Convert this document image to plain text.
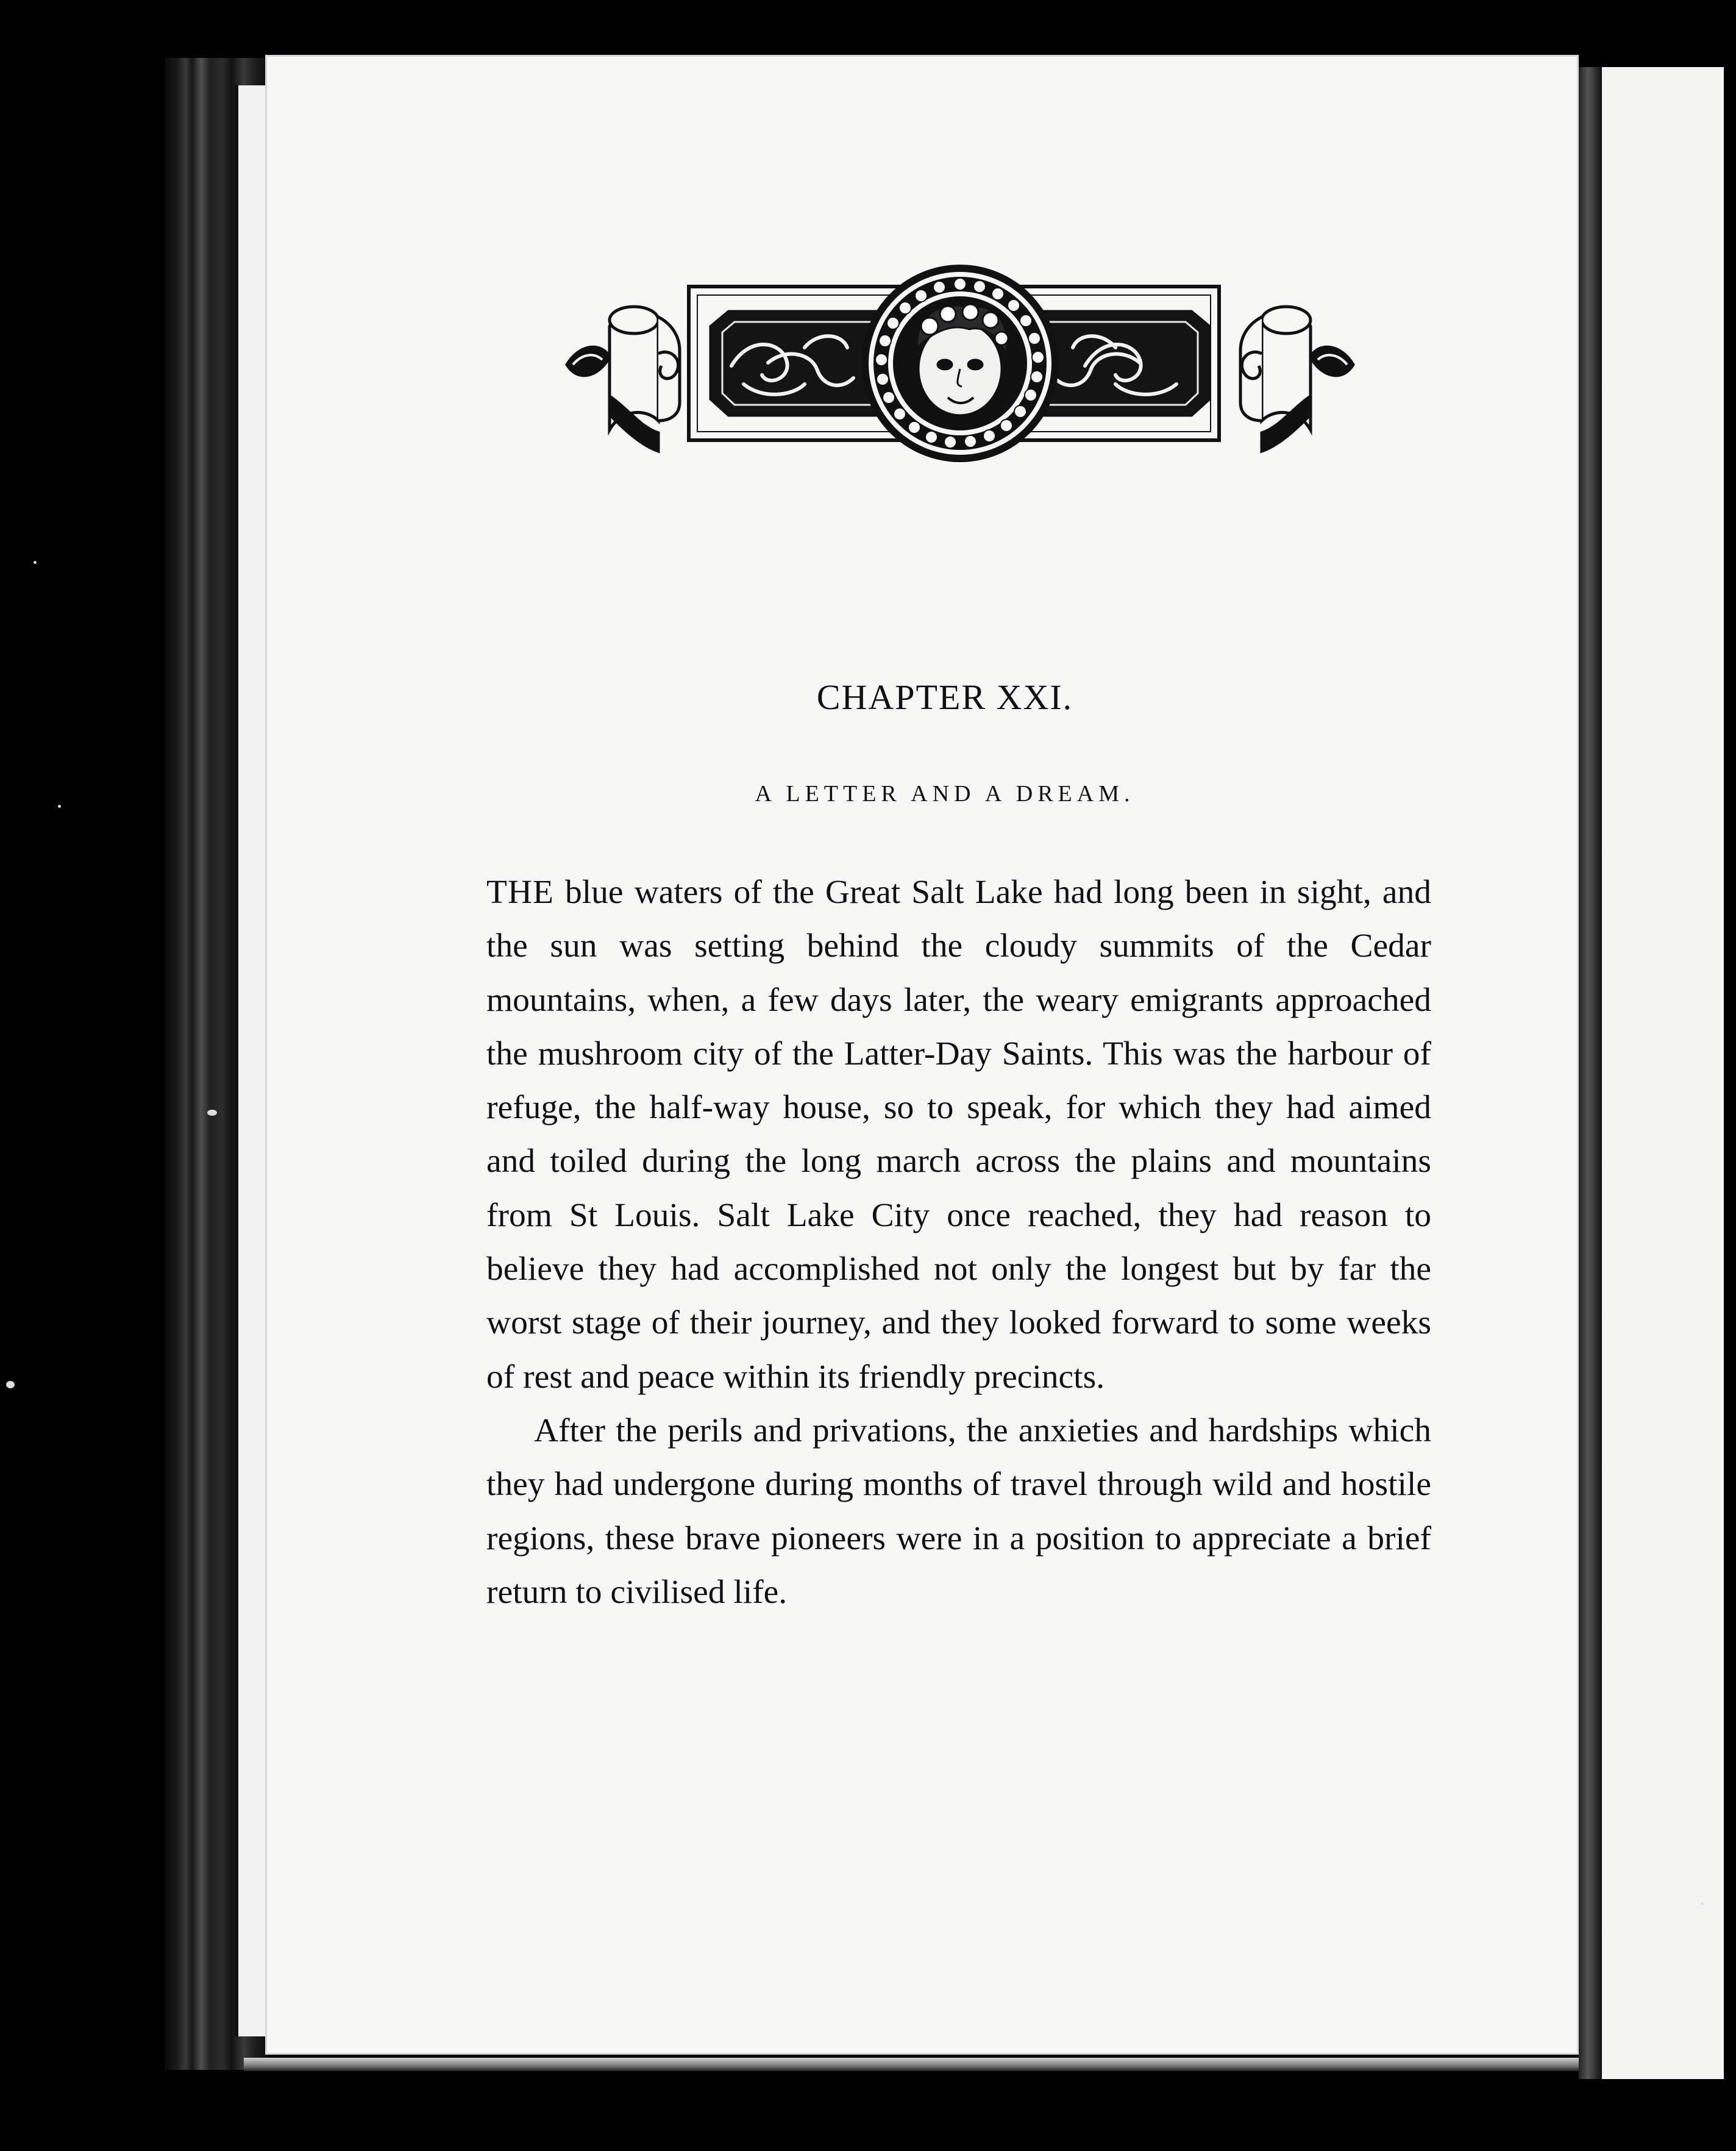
CHAPTER XXI.
A LETTER AND A DREAM.

THE blue waters of the Great Salt Lake had long been in sight, and the sun was setting behind the cloudy summits of the Cedar mountains, when, a few days later, the weary emigrants approached the mushroom city of the Latter-Day Saints. This was the harbour of refuge, the half-way house, so to speak, for which they had aimed and toiled during the long march across the plains and mountains from St Louis. Salt Lake City once reached, they had reason to believe they had accomplished not only the longest but by far the worst stage of their journey, and they looked forward to some weeks of rest and peace within its friendly precincts.

After the perils and privations, the anxieties and hardships which they had undergone during months of travel through wild and hostile regions, these brave pioneers were in a position to appreciate a brief return to civilised life.
